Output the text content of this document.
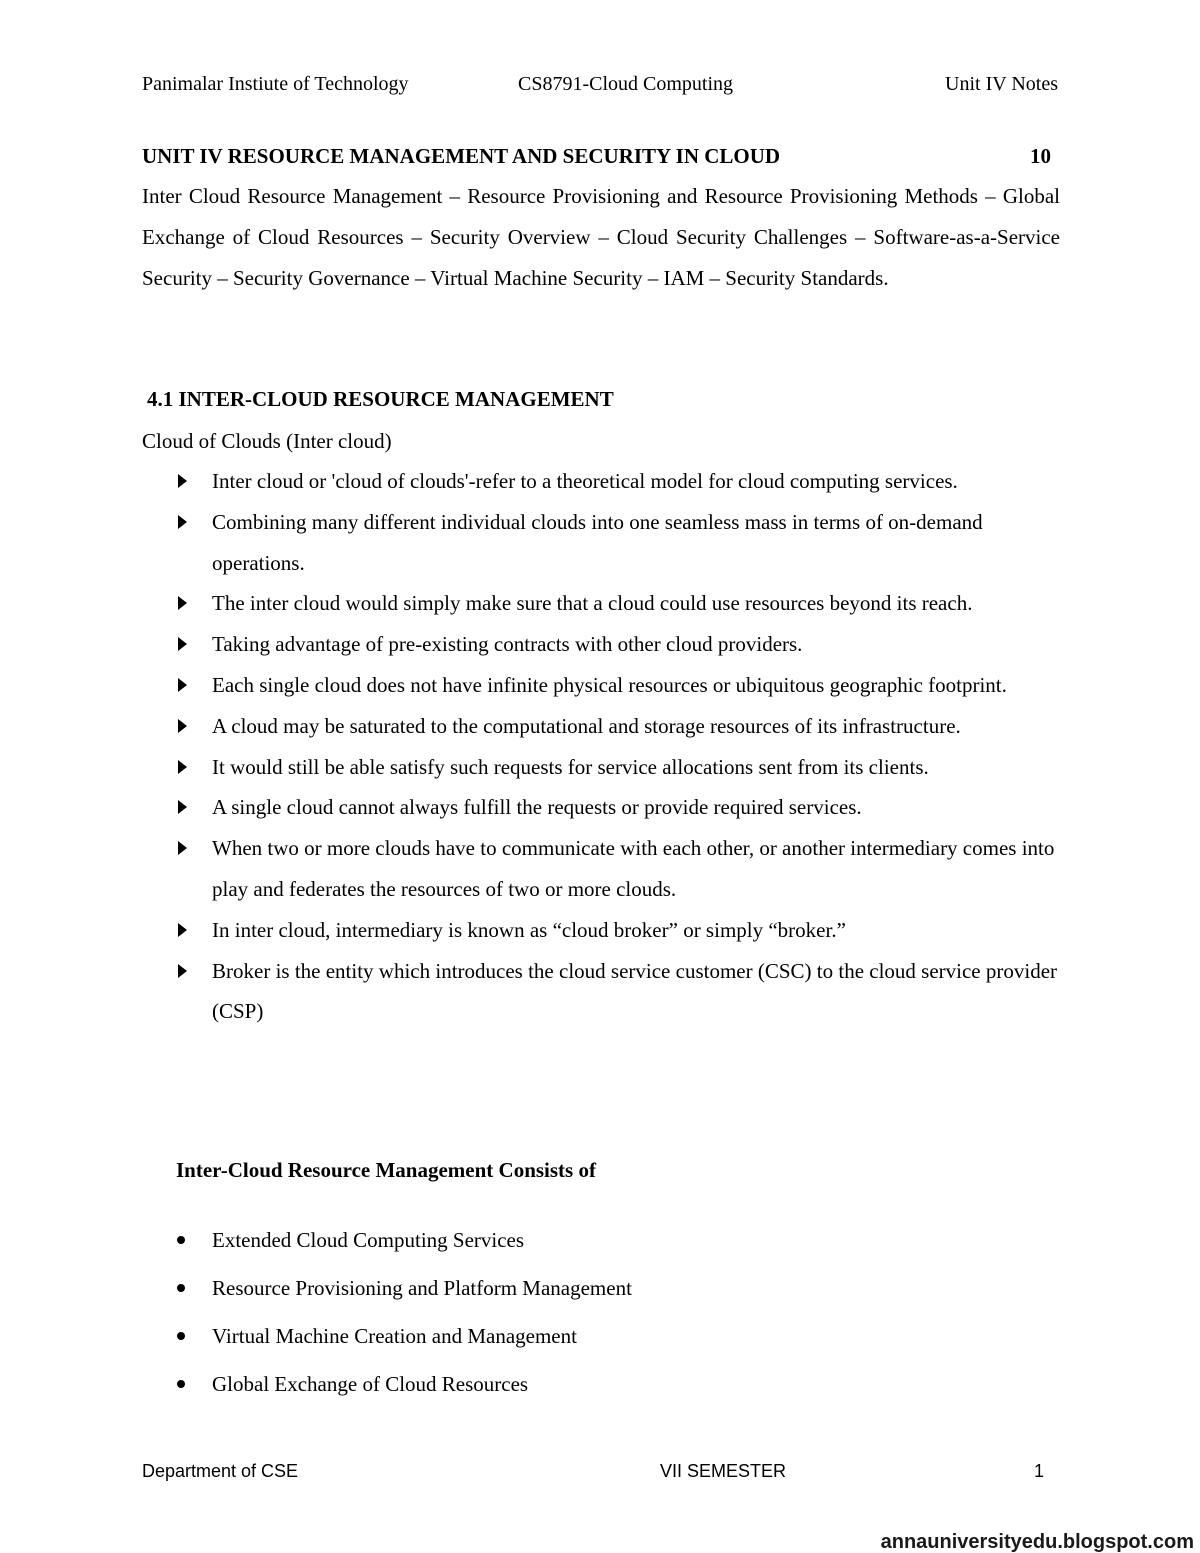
Panimalar Instiute of Technology	CS8791-Cloud Computing	Unit IV Notes
UNIT IV RESOURCE MANAGEMENT AND SECURITY IN CLOUD	10
Inter Cloud Resource Management – Resource Provisioning and Resource Provisioning Methods – Global Exchange of Cloud Resources – Security Overview – Cloud Security Challenges – Software-as-a-Service Security – Security Governance – Virtual Machine Security – IAM – Security Standards.
4.1 INTER-CLOUD RESOURCE MANAGEMENT
Cloud of Clouds (Inter cloud)
Inter cloud or 'cloud of clouds'-refer to a theoretical model for cloud computing services.
Combining many different individual clouds into one seamless mass in terms of on-demand operations.
The inter cloud would simply make sure that a cloud could use resources beyond its reach.
Taking advantage of pre-existing contracts with other cloud providers.
Each single cloud does not have infinite physical resources or ubiquitous geographic footprint.
A cloud may be saturated to the computational and storage resources of its infrastructure.
It would still be able satisfy such requests for service allocations sent from its clients.
A single cloud cannot always fulfill the requests or provide required services.
When two or more clouds have to communicate with each other, or another intermediary comes into play and federates the resources of two or more clouds.
In inter cloud, intermediary is known as “cloud broker” or simply “broker.”
Broker is the entity which introduces the cloud service customer (CSC) to the cloud service provider (CSP)
Inter-Cloud Resource Management Consists of
Extended Cloud Computing Services
Resource Provisioning and Platform Management
Virtual Machine Creation and Management
Global Exchange of Cloud Resources
Department of CSE	VII SEMESTER	1
annauniversityedu.blogspot.com
